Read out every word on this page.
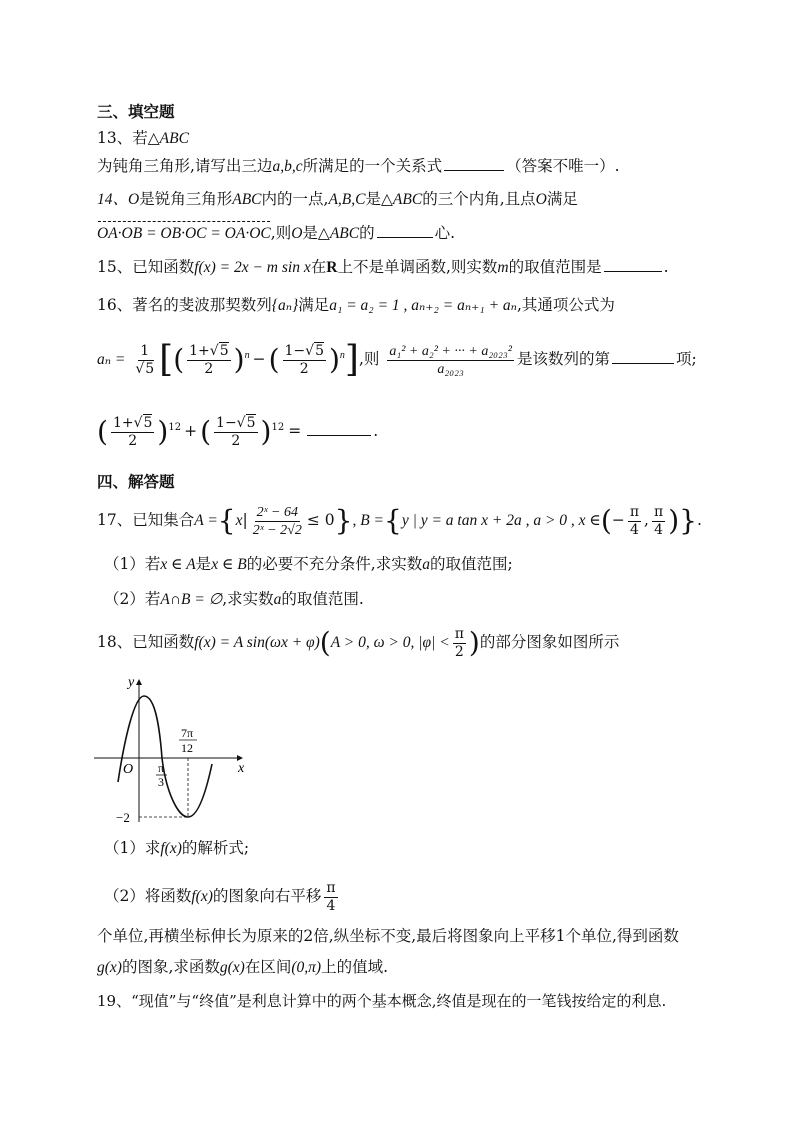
三、填空题
13、若△ABC
为钝角三角形,请写出三边a,b,c所满足的一个关系式	（答案不唯一）.
14、O是锐角三角形ABC内的一点,A,B,C是△ABC的三个内角,且点O满足
OA·OB = OB·OC = OA·OC,则O是△ABC的	心.
15、已知函数f(x) = 2x − m sin x在R上不是单调函数,则实数m的取值范围是	.
16、著名的斐波那契数列{aₙ}满足a₁ = a₂ = 1 , aₙ₊₂ = aₙ₊₁ + aₙ,其通项公式为
$a_n = \frac{1}{√5}$ [( $\frac{1+√5}{2} )^n$ − ( $\frac{1-√5}{2} )^n$],则 $\frac{\text{a₁² + a₂² + ··· + a₂₀₂₃²}}{\text{a₂₀₂₃}}$ 是该数列的第	项;
( $\frac{1+√5}{2} )^{12}$ + ( $\frac{1-√5}{2} )^{12}$ =	.
四、解答题
17、已知集合$A =\{x| \frac{\text{2ˣ − 64}}{\text{2ˣ − 2√2}} \le 0\}$, B ={y | y = a tan x + 2a , a > 0 , x ∈(− $\frac{\pi}{4}$ , $\frac{\pi}{4}$ )}.
（1）若x ∈ A是x ∈ B的必要不充分条件,求实数a的取值范围;
（2）若A∩B = ∅,求实数a的取值范围.
18、已知函数f(x) = A sin(ωx + φ)(A > 0, ω > 0, $|\varphi| < \frac{\pi}{2}$ )的部分图象如图所示
y
x
O π
3
7π
12
−2
（1）求f(x)的解析式;
（2）将函数f(x)的图象向右平移 $\frac{\pi}{4}$
个单位,再横坐标伸长为原来的2倍,纵坐标不变,最后将图象向上平移1个单位,得到函数
g(x)的图象,求函数g(x)在区间(0,π)上的值域.
19、“现值”与“终值”是利息计算中的两个基本概念,终值是现在的一笔钱按给定的利息.
